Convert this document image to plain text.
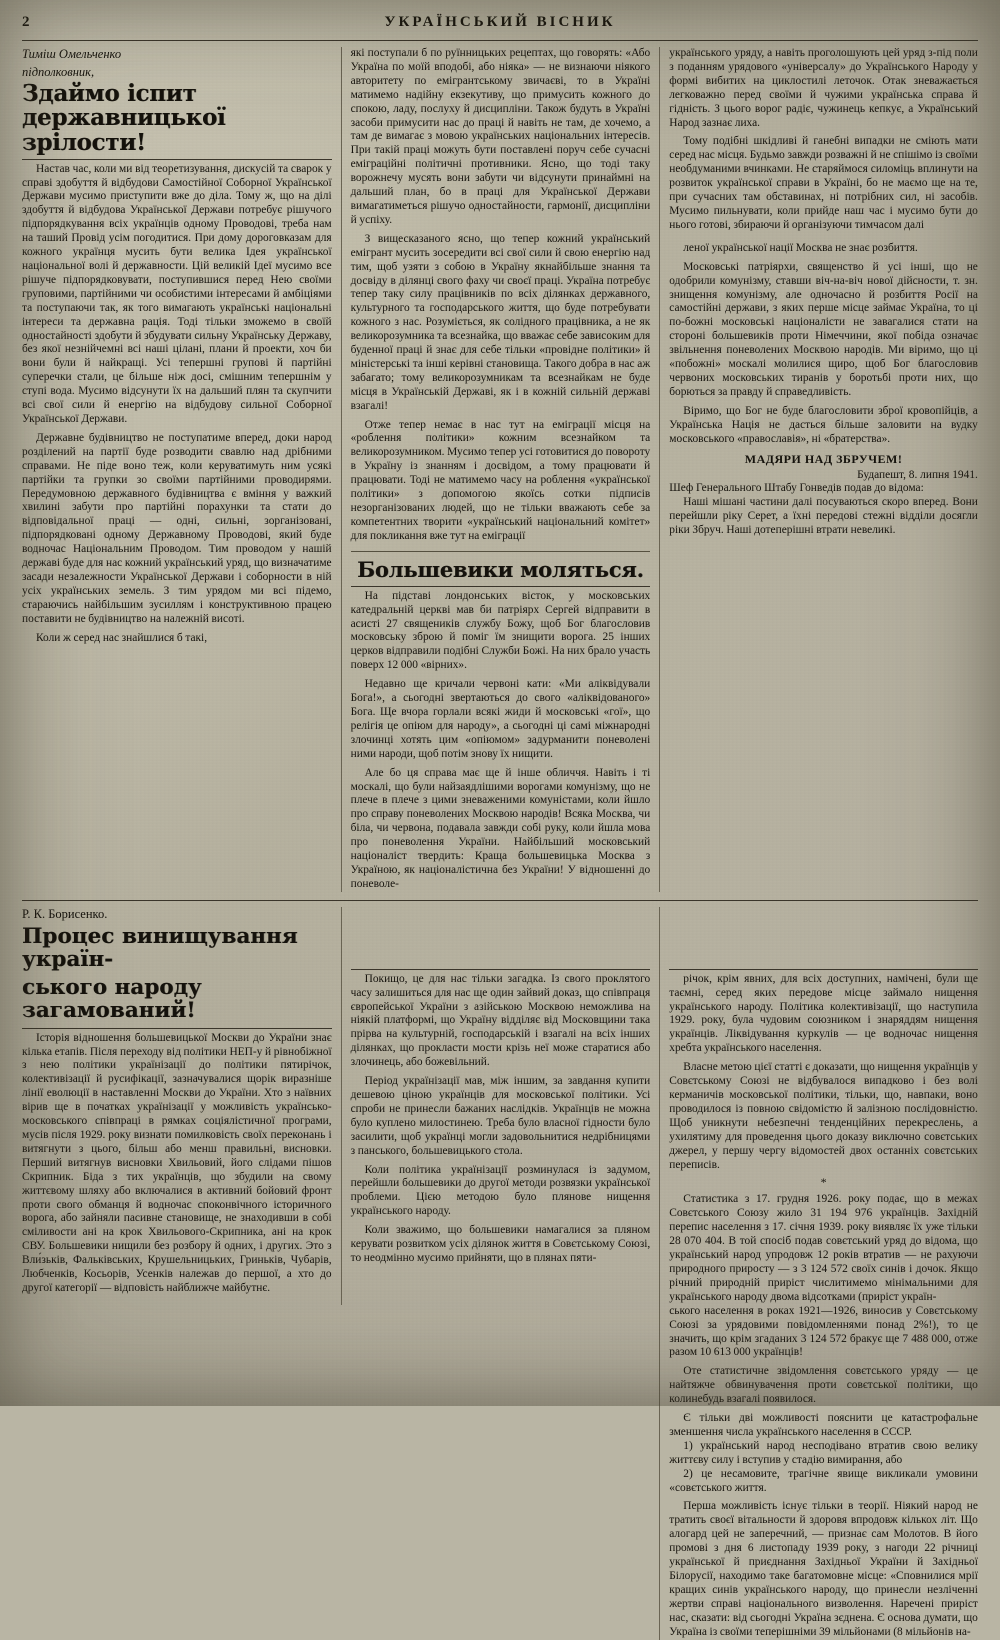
2	УКРАЇНСЬКИЙ ВІСНИК
Тиміш Омельченко
підполковник,
Здаймо іспит державницької зрілости!

Настав час, коли ми від теоретизування, дискусій та сварок у справі здобуття й відбудови Самостійної Соборної Української Держави мусимо приступити вже до діла. Тому ж, що на ділі здобуття й відбудова Української Держави потребує рішучого підпорядкування всіх українців одному Проводові, треба нам на таший Провід усім погодитися. При дому дороговказам для кожного українця мусить бути велика Ідея української національної волі й державности. Цій великій Ідеї мусимо все рішуче підпорядковувати, поступившися перед Нею своїми груповими, партійними чи особистими інтересами й амбіціями та поступаючи так, як того вимагають українські національні інтереси та державна рація. Тоді тільки зможемо в своїй одностайності здобути й збудувати сильну Українську Державу, без якої незнійчемні всі наші цілані, плани й проекти, хоч би вони були й найкращі. Усі тепершні групові й партійні суперечки стали, це більше ніж досі, смішним тепершнім у ступі вода. Мусимо відсунути їх на дальший плян та скупчити всі свої сили й енергію на відбудову сильної Соборної Української Держави.

Державне будівництво не поступатиме вперед, доки народ розділений на партії буде розводити свавлю над дрібними справами. Не піде воно теж, коли керуватимуть ним усякі партійки та групки зо своїми партійними проводирями. Передумовною державного будівництва є вміння у важкий хвилині забути про партійні порахунки та стати до відповідальної праці — одні, сильні, зорганізовані, підпорядковані одному Державному Проводові, який буде водночас Національним Проводом. Тим проводом у нашій державі буде для нас кожний український уряд, що визначатиме засади незалежности Української Держави і соборности в ній усіх українських земель. З тим урядом ми всі підемо, стараючись найбільшим зусиллям і конструктивною працею поставити не будівництво на належній висоті.

Коли ж серед нас знайшлися б такі,

які поступали б по руїнницьких рецептах, що говорять: «Або Україна по моїй вподобі, або ніяка» — не визнаючи ніякого авторитету по емігрантському звичаєві, то в Україні матимемо надійну екзекутиву, що примусить кожного до спокою, ладу, послуху й дисципліни. Також будуть в Україні засоби примусити нас до праці й навіть не там, де хочемо, а там де вимагає з мовою українських національних інтересів. При такій праці можуть бути поставлені поруч себе сучасні еміграційні політичні противники. Ясно, що тоді таку ворожнечу мусять вони забути чи відсунути принаймні на дальший план, бо в праці для Української Держави вимагатиметься рішучо одностайности, гармонії, дисципліни й успіху.

З вищесказаного ясно, що тепер кожний український емігрант мусить зосередити всі свої сили й свою енергію над тим, щоб узяти з собою в Україну якнайбільше знання та досвіду в ділянці свого фаху чи своєї праці. Україна потребує тепер таку силу працівників по всіх ділянках державного, культурного та господарського життя, що буде потребувати кожного з нас. Розуміється, як солідного працівника, а не як великорозумника та всезнайка, що вважає себе зависоким для буденної праці й знає для себе тільки «провідне політики» й міністерські та інші керівні становища. Такого добра в нас аж забагато; тому великорозумникам та всезнайкам не буде місця в Українській Державі, як і в кожній сильній державі взагалі!

Отже тепер немає в нас тут на еміграції місця на «роблення політики» кожним всезнайком та великорозумником. Мусимо тепер усі готовитися до повороту в Україну із знанням і досвідом, а тому працювати й працювати. Тоді не матимемо часу на роблення «української політики» з допомогою якоїсь сотки підписів незорганізованих людей, що не тільки вважають себе за компетентних творити «український національний комітет» для покликання вже тут на еміграції

Большевики моляться.

На підставі лондонських вісток, у московських катедральній церкві мав би патріярх Сергей відправити в асисті 27 священиків службу Божу, щоб Бог благословив московську зброю й поміг їм знищити ворога. 25 інших церков відправили подібні Служби Божі. На них брало участь поверх 12 000 «вірних».

Недавно ще кричали червоні кати: «Ми аліквідували Бога!», а сьогодні звертаються до свого «аліквідованого» Бога. Ще вчора горлали всякі жиди й московські «гої», що релігія це опіюм для народу», а сьогодні ці самі міжнародні злочинці хотять цим «опіюмом» задурманити поневолені ними народи, щоб потім знову їх нищити.

Але бо ця справа має ще й інше обличчя. Навіть і ті москалі, що були найзаядлішими ворогами комунізму, що не плече в плече з цими зневаженими комуністами, коли йшло про справу поневолених Москвою народів! Всяка Москва, чи біла, чи червона, подавала завжди собі руку, коли йшла мова про поневолення України. Найбільший московський націоналіст твердить: Краща большевицька Москва з Україною, як націоналістична без України! У відношенні до поневоле-

українського уряду, а навіть проголошують цей уряд з-під поли з поданням урядового «універсалу» до Українського Народу у формі вибитих на циклостилі леточок. Отак зневажається легковажно перед своїми й чужими українська справа й гідність. З цього ворог радіє, чужинець кепкує, а Український Народ зазнає лиха.

Тому подібні шкідливі й ганебні випадки не сміють мати серед нас місця. Будьмо завжди розважні й не спішімо із своїми необдуманими вчинками. Не старяймося силоміць вплинути на розвиток української справи в Україні, бо не маємо ще на те, при сучасних там обставинах, ні потрібних сил, ні засобів. Мусимо пильнувати, коли прийде наш час і мусимо бути до нього готові, збираючи й організуючи тимчасом далі

леної української нації Москва не знає розбиття.

Московські патріярхи, священство й усі інші, що не одобрили комунізму, ставши віч-на-віч новоï дійсности, т. зн. знищення комунізму, але одночасно й розбиття Росії на самостійні держави, з яких перше місце займає Україна, то ці по-божні московські націоналісти не завагалися стати на стороні большевиків проти Німеччини, якої побіда означає звільнення поневолених Москвою народів. Ми віримо, що ці «побожні» москалі молилися щиро, щоб Бог благословив червоних московських тиранів у боротьбі проти них, що борються за правду й справедливість.

Віримо, що Бог не буде благословити зброї кровопійців, а Українська Нація не дасться більше заловити на вудку московського «православія», ні «братерства».

МАДЯРИ НАД ЗБРУЧЕМ!
Будапешт, 8. липня 1941.

Шеф Генерального Штабу Гонведів подав до відома:

Наші мішані частини далі посуваються скоро вперед. Вони перейшли ріку Серет, а їхні передові стежні відділи досягли ріки Збруч. Наші дотеперішні втрати невеликі.

Р. К. Борисенко.
Процес винищування україн-
ського народу загамований!

Історія відношення большевицької Москви до України знає кілька етапів. Після переходу від політики НЕП-у й рівнобіжної з нею політики українізації до політики пятирічок, колективізації й русифікації, зазначувалися щорік виразніше лінії еволюції в наставленні Москви до України. Хто з наївних вірив ще в початках українізації у можливість українсько-московського співпраці в рямках соціялістичної програми, мусів після 1929. року визнати помилковість своїх переконань і витягнути з цього, більш або менш правильні, висновки. Перший витягнув висновки Хвильовий, його слідами пішов Скрипник. Біда з тих українців, що збудили на свому життєвому шляху або включалися в активний бойовий фронт проти свого обманця й водночас споконвічного історичного ворога, або зайняли пасивне становище, не знаходивши в собі сміливости ані на крок Хвильового-Скрипника, ані на крок СВУ. Большевики нищили без розбору й одних, і других. Это з Вли́зьків, Фальківських, Крушельницьких, Гриньків, Чубарів, Любченків, Косьорів, Усенків належав до першої, а хто до другої категорії — відповість найближче майбутнє.

Покищо, це для нас тільки загадка. Із свого проклятого часу залишиться для нас ще один зайвий доказ, що співпраця європейської України з азійською Москвою неможлива на ніякій платформі, що Україну відділяє від Московщини така прірва на культурній, господарській і взагалі на всіх інших ділянках, що прокласти мости крізь неї може старатися або злочинець, або божевільний.

Період українізації мав, між іншим, за завдання купити дешевою ціною українців для московської політики. Усі спроби не принесли бажаних наслідків. Українців не можна було куплено милостинею. Треба було власної гідности було засилити, щоб українці могли задовольнитися недрібницями з панського, большевицького стола.

Коли політика українізації розминулася із задумом, перейшли большевики до другої методи розвязки української проблеми. Цією методою було плянове нищення українського народу.

Коли зважимо, що большевики намагалися за пляном керувати розвитком усіх ділянок життя в Совєтському Союзі, то неодмінно мусимо прийняти, що в плянах пяти-

річок, крім явних, для всіх доступних, намічені, були ще таємні, серед яких передове місце займало нищення українського народу. Політика колективізації, що наступила 1929. року, була чудовим союзником і знаряддям нищення українців. Ліквідування куркулів — це водночас нищення хребта українського населення.

Власне метою цієї статті є доказати, що нищення українців у Совєтському Союзі не відбувалося випадково і без волі керманичів московської політики, тільки, що, навпаки, воно проводилося із повною свідомістю й залізною послідовністю. Щоб уникнути небезпечні тенденційних перекреслень, а ухилятиму для проведення цього доказу виключно совєтських джерел, у першу чергу відомостей двох останніх совєтських переписів.

*

Статистика з 17. грудня 1926. року подає, що в межах Совєтського Союзу жило 31 194 976 українців. Західній перепис населення з 17. січня 1939. року виявляє їх уже тільки 28 070 404. В той спосіб подав совєтський уряд до відома, що український народ упродовж 12 років втратив — не рахуючи природного приросту — з 3 124 572 своїх синів і дочок. Якщо річний природній приріст числитимемо мінімальними для українського народу двома відсотками (приріст україн-

ського населення в роках 1921—1926, виносив у Совєтському Союзі за урядовими повідомленнями понад 2%!), то це значить, що крім згаданих 3 124 572 бракує ще 7 488 000, отже разом 10 613 000 українців!

Оте статистичне звідомлення совєтського уряду — це найтяжче обвинувачення проти совєтської політики, що колинебудь взагалі появилося.

Є тільки дві можливості пояснити це катастрофальне зменшення числа українського населення в СССР.

1) український народ несподівано втратив свою велику життєву силу і вступив у стадію вимирання, або

2) це несамовите, трагічне явище викликали умовини «совєтського життя.

Перша можливість існує тільки в теорії. Ніякий народ не тратить своєї вітальности й здоровя впродовж кількох літ. Що алогард цей не заперечний, — признає сам Молотов. В його промові з дня 6 листопаду 1939 року, з нагоди 22 річниці української й приєднання Західньої України й Західньої Білорусії, находимо таке багатомовне місце: «Сповнилися мрії кращих синів українського народу, що принесли незліченні жертви справі національного визволення. Наречені приріст нас, сказати: від сьогодні Україна зєднена. Є основа думати, що Україна із своїми теперішніми 39 мільйонами (8 мільйонів на-
